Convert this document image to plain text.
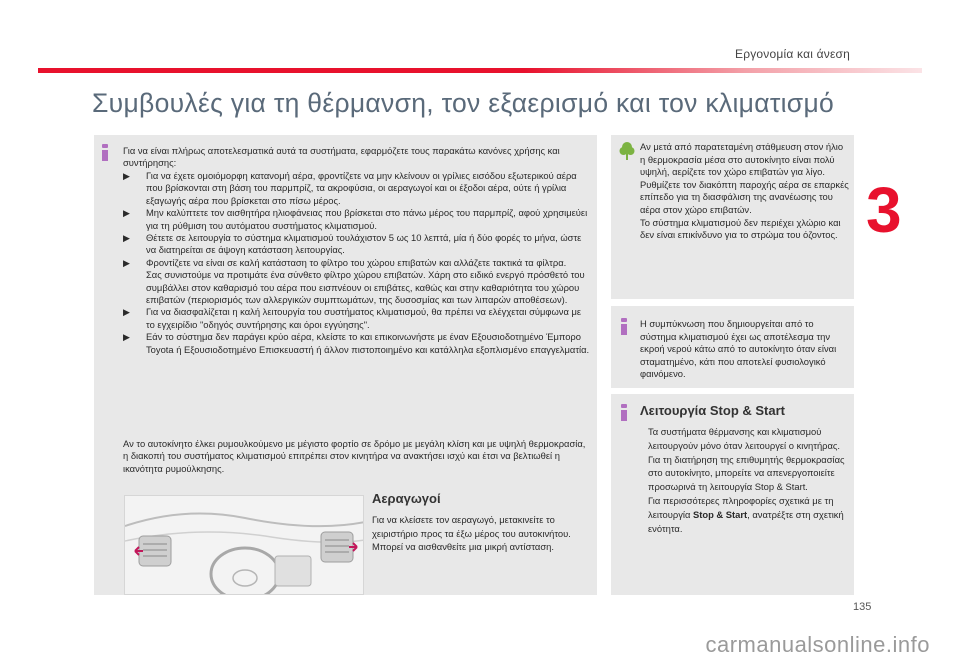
Εργονομία και άνεση
Συμβουλές για τη θέρμανση, τον εξαερισμό και τον κλιματισμό
3

Για να είναι πλήρως αποτελεσματικά αυτά τα συστήματα, εφαρμόζετε τους παρακάτω κανόνες χρήσης και συντήρησης:

▶ Για να έχετε ομοιόμορφη κατανομή αέρα, φροντίζετε να μην κλείνουν οι γρίλιες εισόδου εξωτερικού αέρα που βρίσκονται στη βάση του παρμπρίζ, τα ακροφύσια, οι αεραγωγοί και οι έξοδοι αέρα, ούτε ή γρίλια εξαγωγής αέρα που βρίσκεται στο πίσω μέρος.
▶ Μην καλύπτετε τον αισθητήρα ηλιοφάνειας που βρίσκεται στο πάνω μέρος του παρμπρίζ, αφού χρησιμεύει για τη ρύθμιση του αυτόματου συστήματος κλιματισμού.
▶ Θέτετε σε λειτουργία το σύστημα κλιματισμού τουλάχιστον 5 ως 10 λεπτά, μία ή δύο φορές το μήνα, ώστε να διατηρείται σε άψογη κατάσταση λειτουργίας.
▶ Φροντίζετε να είναι σε καλή κατάσταση το φίλτρο του χώρου επιβατών και αλλάζετε τακτικά τα φίλτρα.
Σας συνιστούμε να προτιμάτε ένα σύνθετο φίλτρο χώρου επιβατών. Χάρη στο ειδικό ενεργό πρόσθετό του συμβάλλει στον καθαρισμό του αέρα που εισπνέουν οι επιβάτες, καθώς και στην καθαριότητα του χώρου επιβατών (περιορισμός των αλλεργικών συμπτωμάτων, της δυσοσμίας και των λιπαρών αποθέσεων).
▶ Για να διασφαλίζεται η καλή λειτουργία του συστήματος κλιματισμού, θα πρέπει να ελέγχεται σύμφωνα με το εγχειρίδιο "οδηγός συντήρησης και όροι εγγύησης".
▶ Εάν το σύστημα δεν παράγει κρύο αέρα, κλείστε το και επικοινωνήστε με έναν Εξουσιοδοτημένο Έμπορο Toyota ή Εξουσιοδοτημένο Επισκευαστή ή άλλον πιστοποιημένο και κατάλληλα εξοπλισμένο επαγγελματία.

Αν το αυτοκίνητο έλκει ρυμουλκούμενο με μέγιστο φορτίο σε δρόμο με μεγάλη κλίση και με υψηλή θερμοκρασία, η διακοπή του συστήματος κλιματισμού επιτρέπει στον κινητήρα να ανακτήσει ισχύ και έτσι να βελτιωθεί η ικανότητα ρυμούλκησης.

Αεραγωγοί

Για να κλείσετε τον αεραγωγό, μετακινείτε το χειριστήριο προς τα έξω μέρος του αυτοκινήτου. Μπορεί να αισθανθείτε μια μικρή αντίσταση.

Αν μετά από παρατεταμένη στάθμευση στον ήλιο η θερμοκρασία μέσα στο αυτοκίνητο είναι πολύ υψηλή, αερίζετε τον χώρο επιβατών για λίγο.
Ρυθμίζετε τον διακόπτη παροχής αέρα σε επαρκές επίπεδο για τη διασφάλιση της ανανέωσης του αέρα στον χώρο επιβατών.
Το σύστημα κλιματισμού δεν περιέχει χλώριο και δεν είναι επικίνδυνο για το στρώμα του όζοντος.

Η συμπύκνωση που δημιουργείται από το σύστημα κλιματισμού έχει ως αποτέλεσμα την εκροή νερού κάτω από το αυτοκίνητο όταν είναι σταματημένο, κάτι που αποτελεί φυσιολογικό φαινόμενο.

Λειτουργία Stop & Start

Τα συστήματα θέρμανσης και κλιματισμού λειτουργούν μόνο όταν λειτουργεί ο κινητήρας.
Για τη διατήρηση της επιθυμητής θερμοκρασίας στο αυτοκίνητο, μπορείτε να απενεργοποιείτε προσωρινά τη λειτουργία Stop & Start.
Για περισσότερες πληροφορίες σχετικά με τη λειτουργία Stop & Start, ανατρέξτε στη σχετική ενότητα.

135
carmanualsonline.info
